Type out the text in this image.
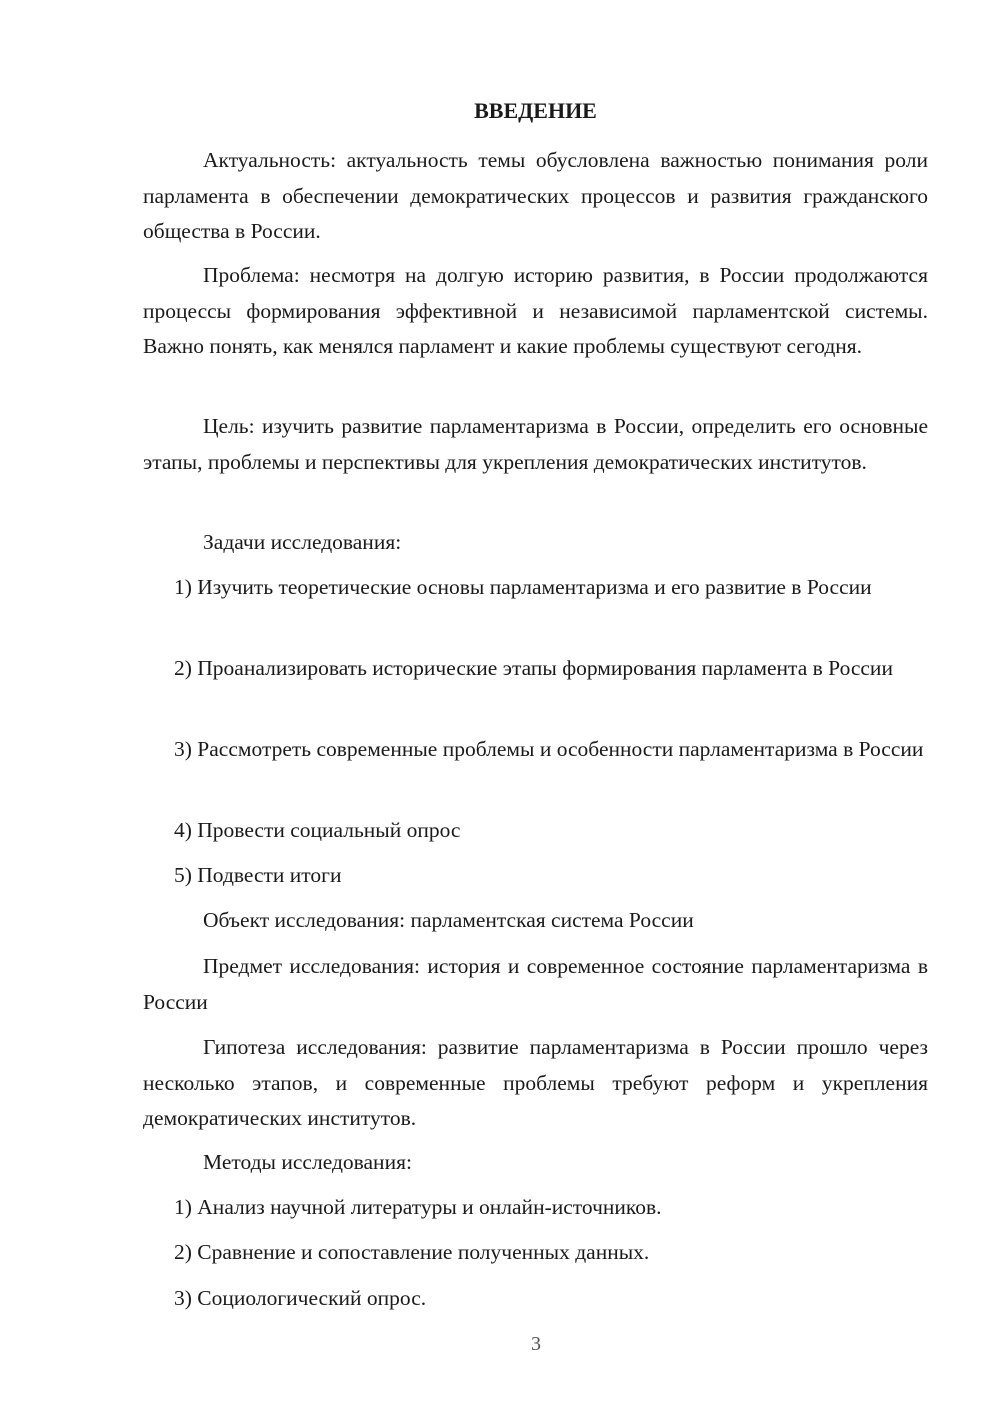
ВВЕДЕНИЕ

Актуальность: актуальность темы обусловлена важностью понимания роли парламента в обеспечении демократических процессов и развития гражданского общества в России.

Проблема: несмотря на долгую историю развития, в России продолжаются процессы формирования эффективной и независимой парламентской системы. Важно понять, как менялся парламент и какие проблемы существуют сегодня.

Цель: изучить развитие парламентаризма в России, определить его основные этапы, проблемы и перспективы для укрепления демократических институтов.

Задачи исследования:

1) Изучить теоретические основы парламентаризма и его развитие в России

2) Проанализировать исторические этапы формирования парламента в России

3) Рассмотреть современные проблемы и особенности парламентаризма в России

4) Провести социальный опрос

5) Подвести итоги

Объект исследования: парламентская система России

Предмет исследования: история и современное состояние парламентаризма в России

Гипотеза исследования: развитие парламентаризма в России прошло через несколько этапов, и современные проблемы требуют реформ и укрепления демократических институтов.

Методы исследования:

1) Анализ научной литературы и онлайн-источников.

2) Сравнение и сопоставление полученных данных.

3) Социологический опрос.

3
